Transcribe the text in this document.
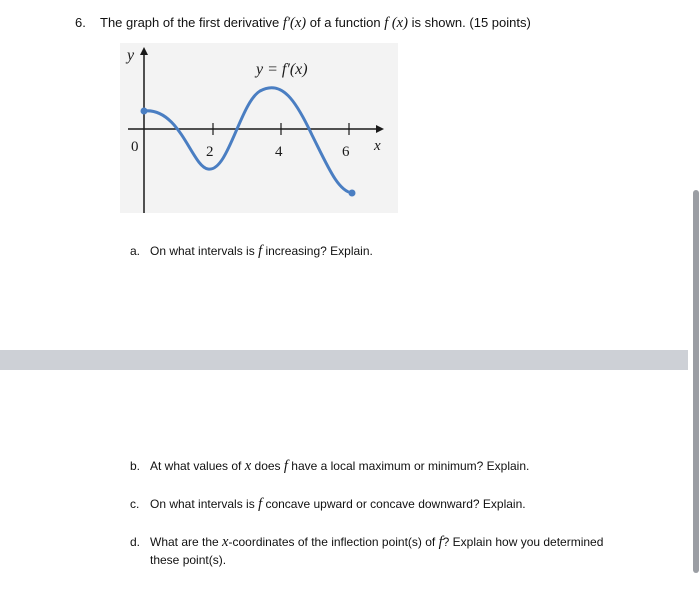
6. The graph of the first derivative f′(x) of a function f (x) is shown. (15 points)
y
x
y = f′(x)
0	2	4	6
a. On what intervals is f increasing? Explain.
b. At what values of x does f have a local maximum or minimum? Explain.
c. On what intervals is f concave upward or concave downward? Explain.
d. What are the x-coordinates of the inflection point(s) of f? Explain how you determined
these point(s).
